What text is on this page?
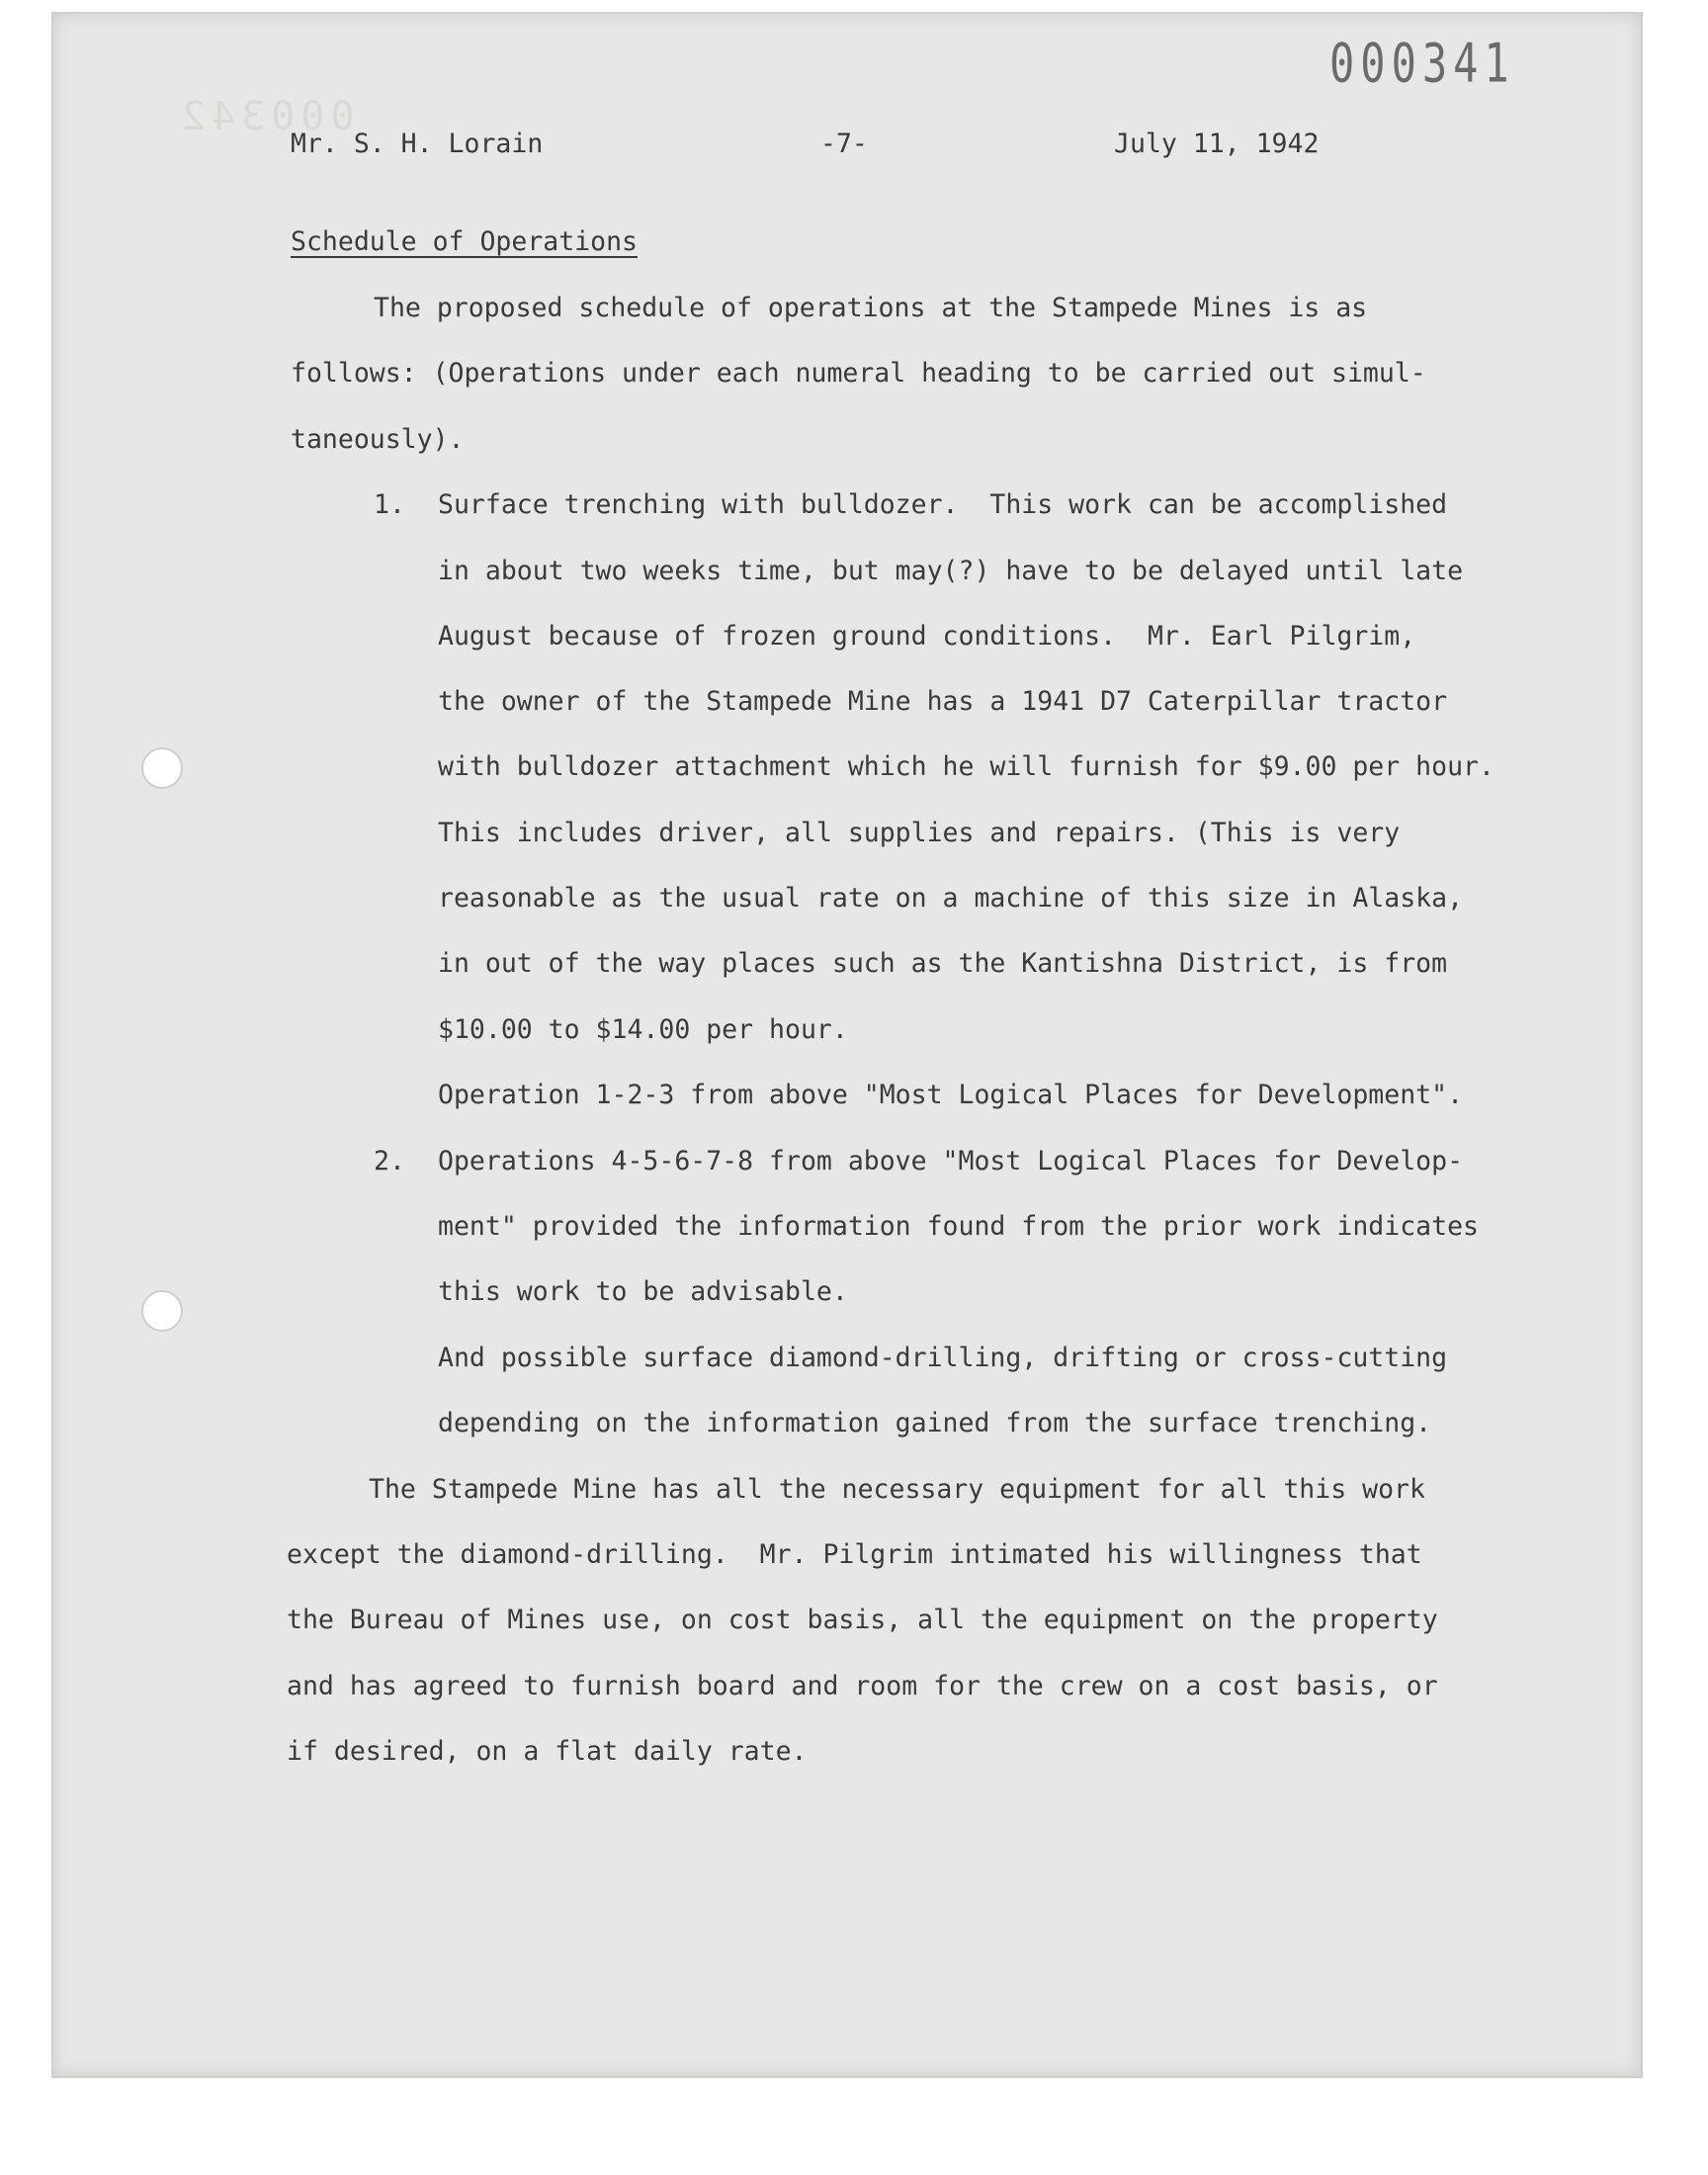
000342
000341
Mr. S. H. Lorain	-7-	July 11, 1942
Schedule of Operations
The proposed schedule of operations at the Stampede Mines is as
follows: (Operations under each numeral heading to be carried out simul-
taneously).
1. Surface trenching with bulldozer.  This work can be accomplished
in about two weeks time, but may(?) have to be delayed until late
August because of frozen ground conditions.  Mr. Earl Pilgrim,
the owner of the Stampede Mine has a 1941 D7 Caterpillar tractor
with bulldozer attachment which he will furnish for $9.00 per hour.
This includes driver, all supplies and repairs. (This is very
reasonable as the usual rate on a machine of this size in Alaska,
in out of the way places such as the Kantishna District, is from
$10.00 to $14.00 per hour.
Operation 1-2-3 from above "Most Logical Places for Development".
2. Operations 4-5-6-7-8 from above "Most Logical Places for Develop-
ment" provided the information found from the prior work indicates
this work to be advisable.
And possible surface diamond-drilling, drifting or cross-cutting
depending on the information gained from the surface trenching.
The Stampede Mine has all the necessary equipment for all this work
except the diamond-drilling.  Mr. Pilgrim intimated his willingness that
the Bureau of Mines use, on cost basis, all the equipment on the property
and has agreed to furnish board and room for the crew on a cost basis, or
if desired, on a flat daily rate.
